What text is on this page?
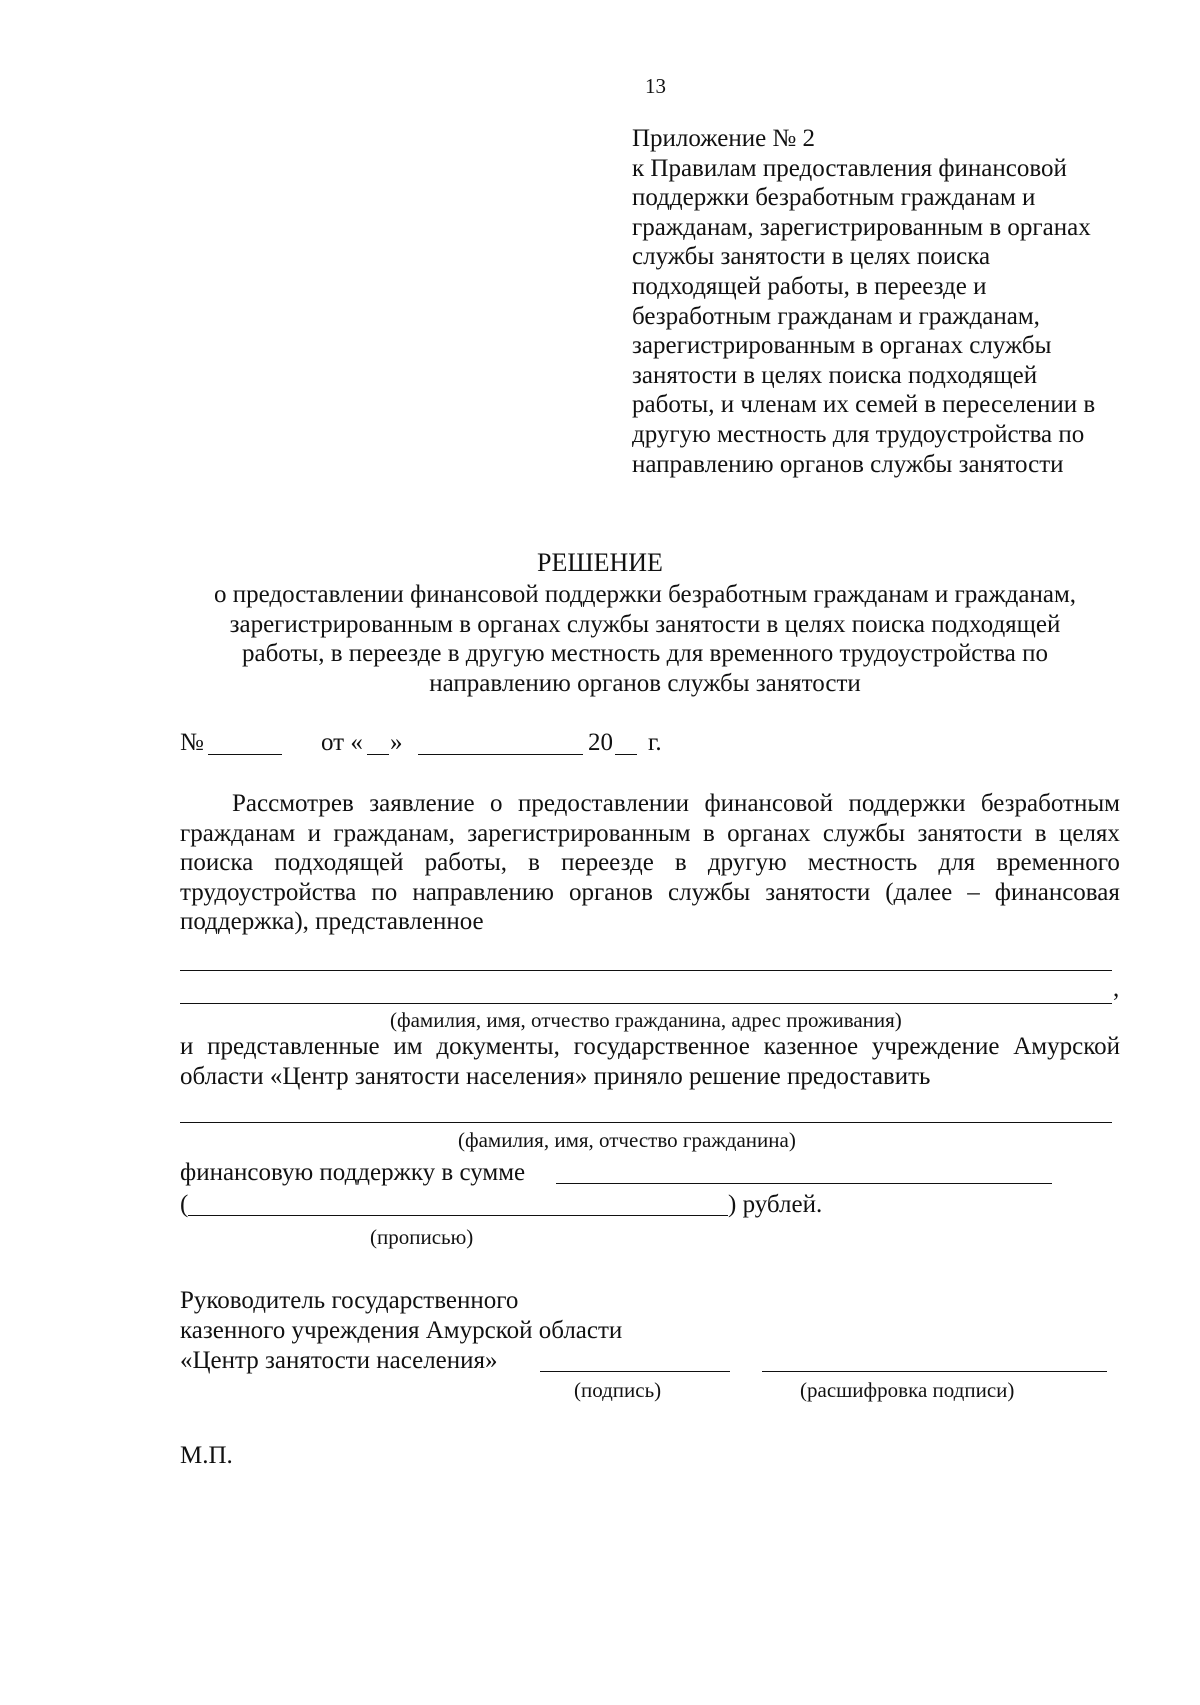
13
Приложение № 2
к Правилам предоставления финансовой
поддержки безработным гражданам и
гражданам, зарегистрированным в органах
службы занятости в целях поиска
подходящей работы, в переезде и
безработным гражданам и гражданам,
зарегистрированным в органах службы
занятости в целях поиска подходящей
работы, и членам их семей в переселении в
другую местность для трудоустройства по
направлению органов службы занятости
РЕШЕНИЕ
о предоставлении финансовой поддержки безработным гражданам и гражданам,
зарегистрированным в органах службы занятости в целях поиска подходящей
работы, в переезде в другую местность для временного трудоустройства по
направлению органов службы занятости
№	от « »	20 г.
Рассмотрев заявление о предоставлении финансовой поддержки безработным
гражданам и гражданам, зарегистрированным в органах службы занятости в целях
поиска подходящей работы, в переезде в другую местность для временного
трудоустройства по направлению органов службы занятости (далее – финансовая
поддержка), представленное
,
(фамилия, имя, отчество гражданина, адрес проживания)
и представленные им документы, государственное казенное учреждение Амурской
области «Центр занятости населения» приняло решение предоставить
(фамилия, имя, отчество гражданина)
финансовую поддержку в сумме
(	) рублей.
(прописью)
Руководитель государственного
казенного учреждения Амурской области
«Центр занятости населения»
(подпись)	(расшифровка подписи)
М.П.
